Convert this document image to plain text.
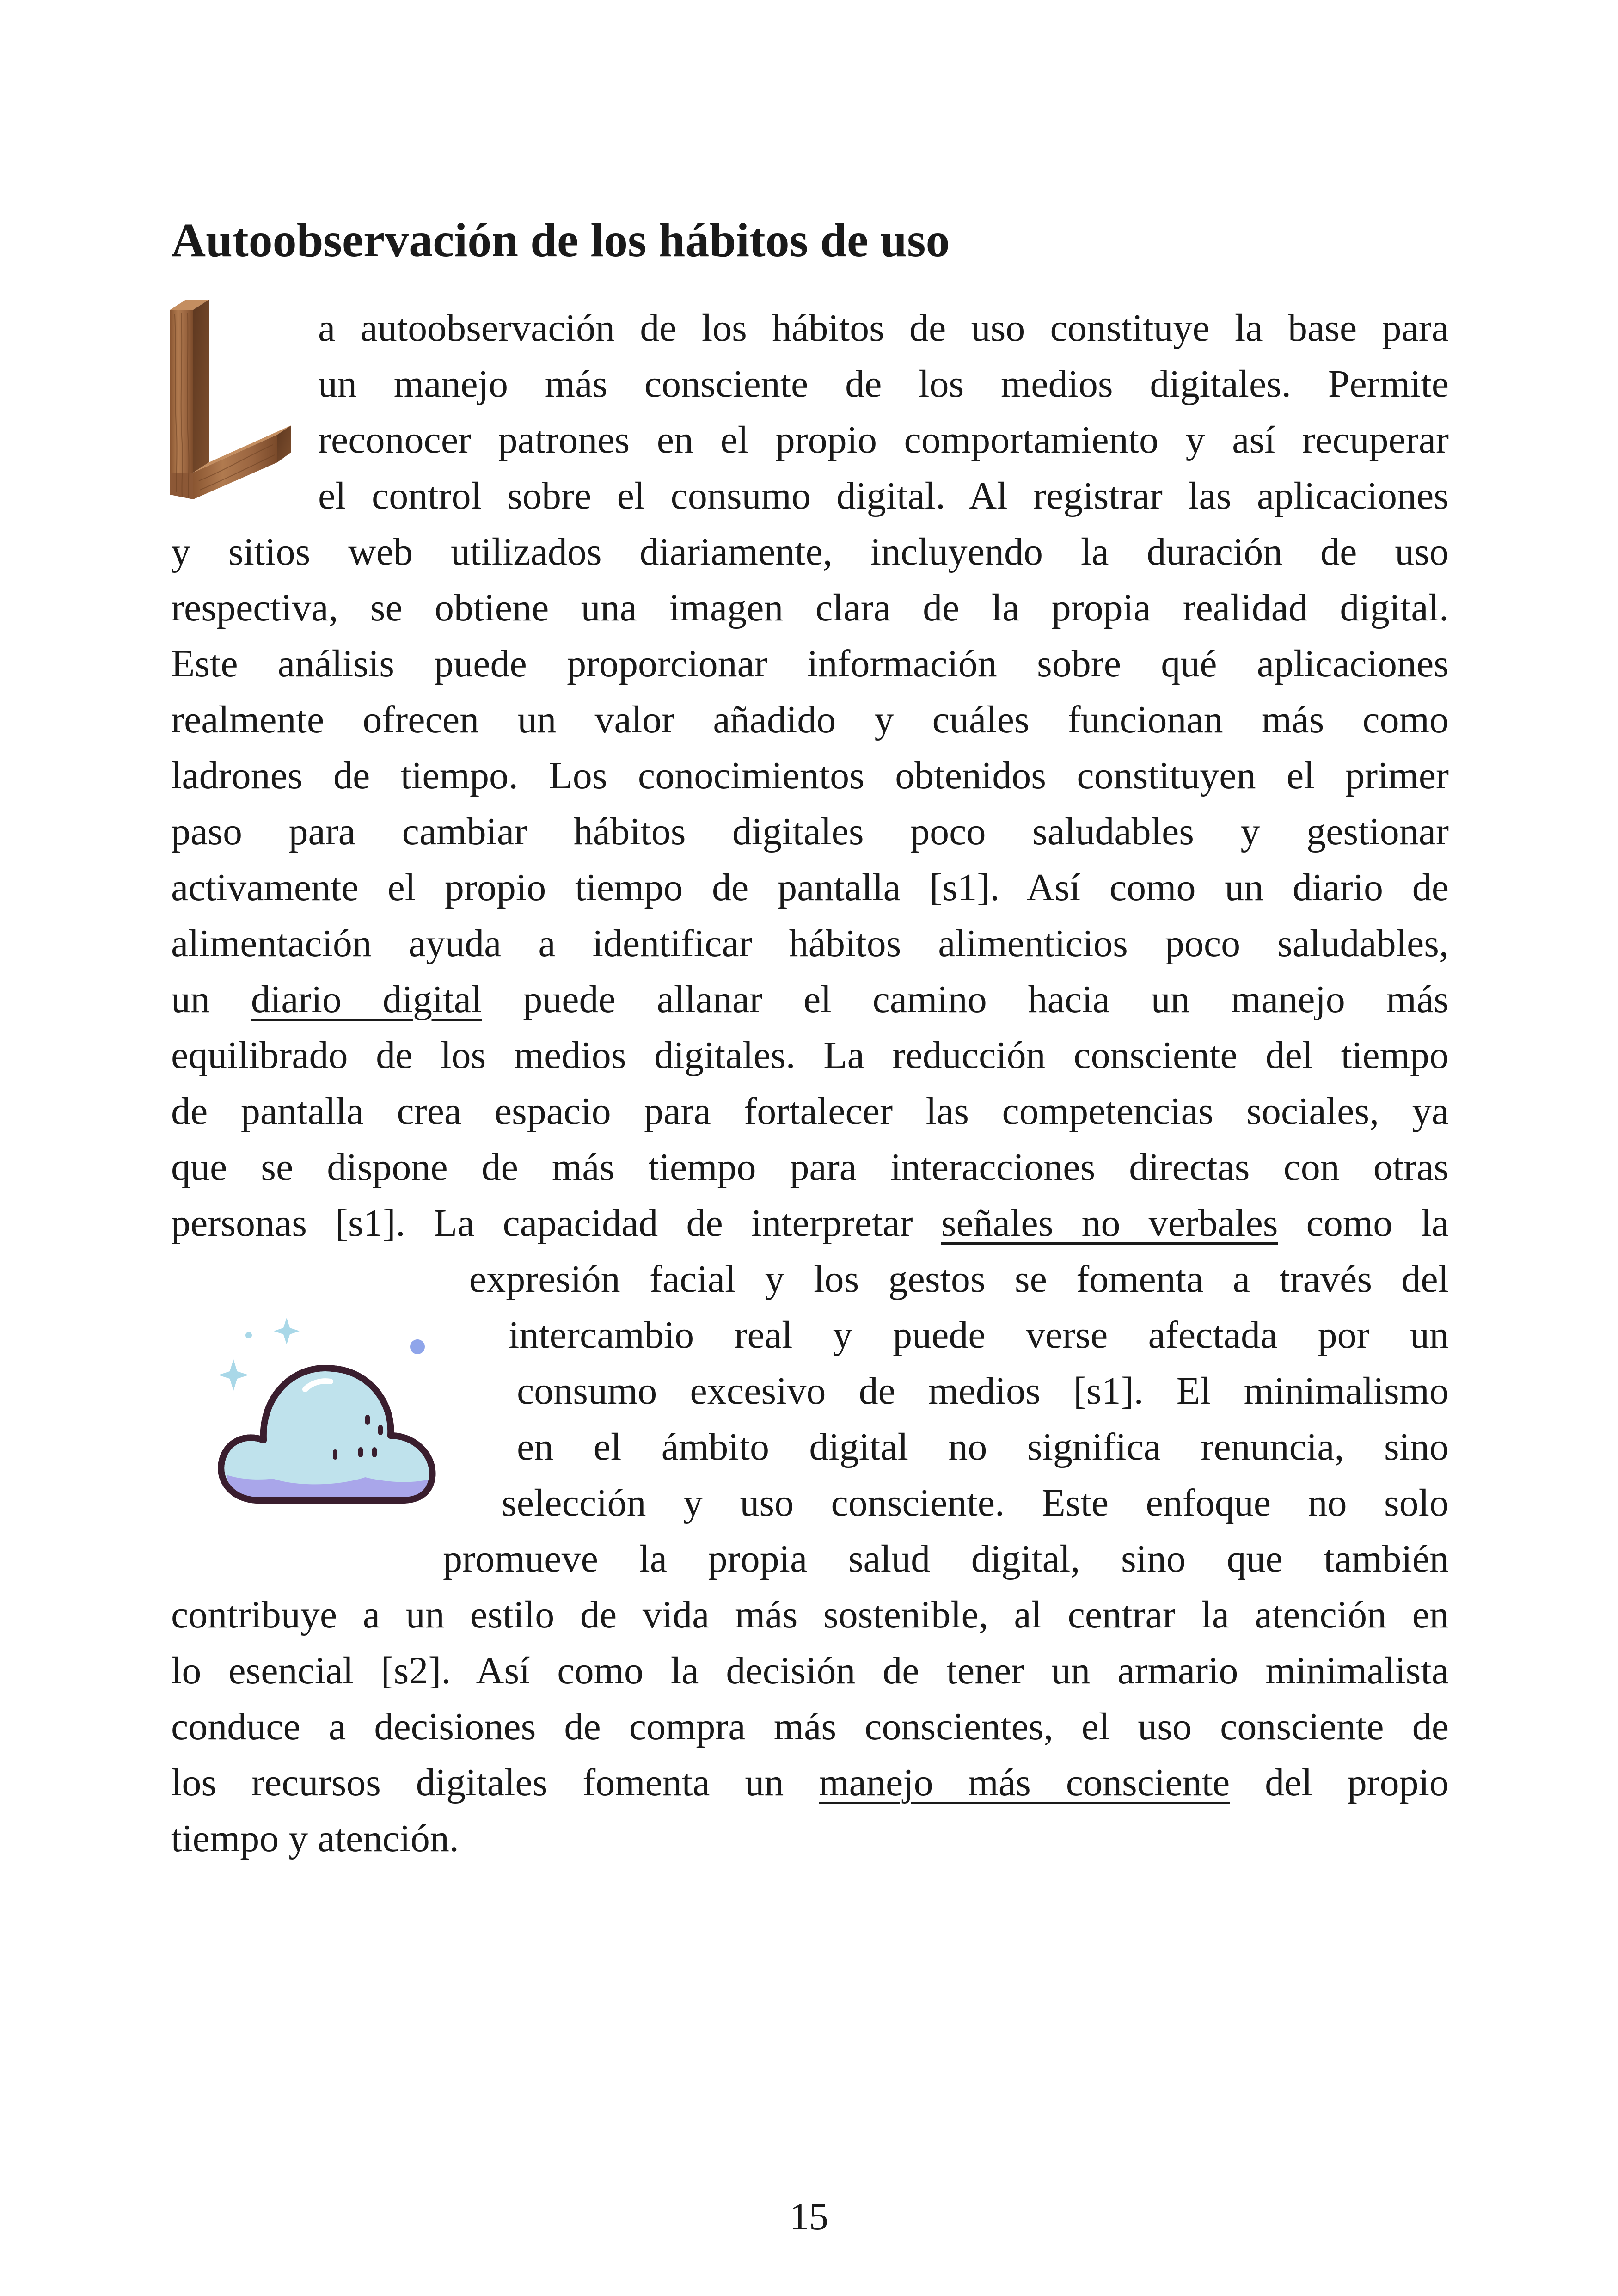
Autoobservación de los hábitos de uso
a autoobservación de los hábitos de uso constituye la base para
un manejo más consciente de los medios digitales. Permite
reconocer patrones en el propio comportamiento y así recuperar
el control sobre el consumo digital. Al registrar las aplicaciones
y sitios web utilizados diariamente, incluyendo la duración de uso
respectiva, se obtiene una imagen clara de la propia realidad digital.
Este análisis puede proporcionar información sobre qué aplicaciones
realmente ofrecen un valor añadido y cuáles funcionan más como
ladrones de tiempo. Los conocimientos obtenidos constituyen el primer
paso para cambiar hábitos digitales poco saludables y gestionar
activamente el propio tiempo de pantalla [s1]. Así como un diario de
alimentación ayuda a identificar hábitos alimenticios poco saludables,
un diario digital puede allanar el camino hacia un manejo más
equilibrado de los medios digitales. La reducción consciente del tiempo
de pantalla crea espacio para fortalecer las competencias sociales, ya
que se dispone de más tiempo para interacciones directas con otras
personas [s1]. La capacidad de interpretar señales no verbales como la
expresión facial y los gestos se fomenta a través del
intercambio real y puede verse afectada por un
consumo excesivo de medios [s1]. El minimalismo
en el ámbito digital no significa renuncia, sino
selección y uso consciente. Este enfoque no solo
promueve la propia salud digital, sino que también
contribuye a un estilo de vida más sostenible, al centrar la atención en
lo esencial [s2]. Así como la decisión de tener un armario minimalista
conduce a decisiones de compra más conscientes, el uso consciente de
los recursos digitales fomenta un manejo más consciente del propio
tiempo y atención.
15
